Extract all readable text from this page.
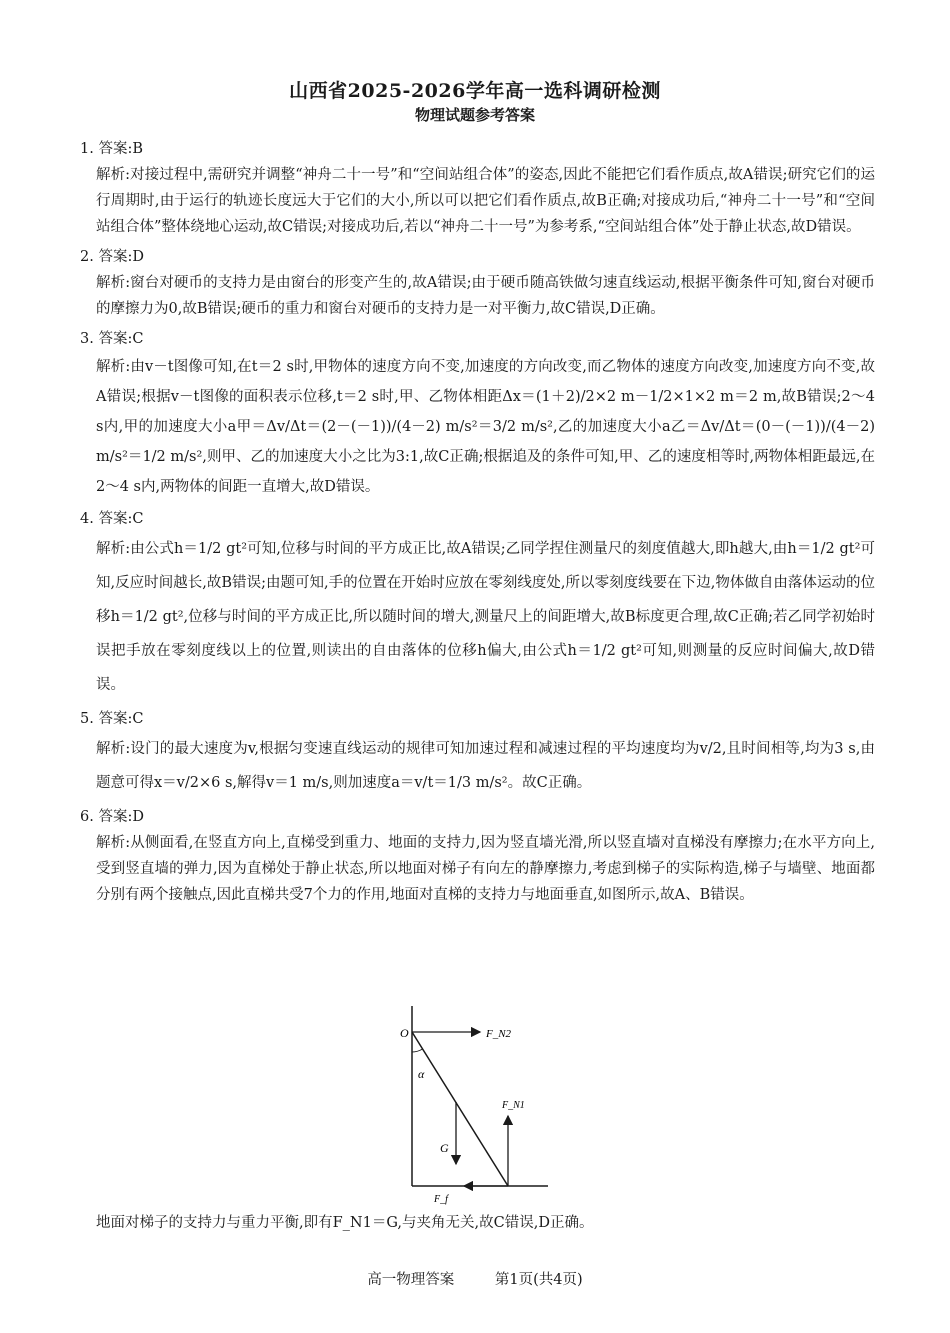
山西省2025-2026学年高一选科调研检测
物理试题参考答案
1. 答案:B
解析:对接过程中,需研究并调整“神舟二十一号”和“空间站组合体”的姿态,因此不能把它们看作质点,故A错误;研究它们的运行周期时,由于运行的轨迹长度远大于它们的大小,所以可以把它们看作质点,故B正确;对接成功后,“神舟二十一号”和“空间站组合体”整体绕地心运动,故C错误;对接成功后,若以“神舟二十一号”为参考系,“空间站组合体”处于静止状态,故D错误。
2. 答案:D
解析:窗台对硬币的支持力是由窗台的形变产生的,故A错误;由于硬币随高铁做匀速直线运动,根据平衡条件可知,窗台对硬币的摩擦力为0,故B错误;硬币的重力和窗台对硬币的支持力是一对平衡力,故C错误,D正确。
3. 答案:C
解析:由v－t图像可知,在t＝2 s时,甲物体的速度方向不变,加速度的方向改变,而乙物体的速度方向改变,加速度方向不变,故A错误;根据v－t图像的面积表示位移,t＝2 s时,甲、乙物体相距Δx＝(1＋2)/2×2 m－1/2×1×2 m＝2 m,故B错误;2～4 s内,甲的加速度大小a甲＝Δv/Δt＝(2－(－1))/(4－2) m/s²＝3/2 m/s²,乙的加速度大小a乙＝Δv/Δt＝(0－(－1))/(4－2) m/s²＝1/2 m/s²,则甲、乙的加速度大小之比为3:1,故C正确;根据追及的条件可知,甲、乙的速度相等时,两物体相距最远,在2～4 s内,两物体的间距一直增大,故D错误。
4. 答案:C
解析:由公式h＝1/2 gt²可知,位移与时间的平方成正比,故A错误;乙同学捏住测量尺的刻度值越大,即h越大,由h＝1/2 gt²可知,反应时间越长,故B错误;由题可知,手的位置在开始时应放在零刻线度处,所以零刻度线要在下边,物体做自由落体运动的位移h＝1/2 gt²,位移与时间的平方成正比,所以随时间的增大,测量尺上的间距增大,故B标度更合理,故C正确;若乙同学初始时误把手放在零刻度线以上的位置,则读出的自由落体的位移h偏大,由公式h＝1/2 gt²可知,则测量的反应时间偏大,故D错误。
5. 答案:C
解析:设门的最大速度为v,根据匀变速直线运动的规律可知加速过程和减速过程的平均速度均为v/2,且时间相等,均为3 s,由题意可得x＝v/2×6 s,解得v＝1 m/s,则加速度a＝v/t＝1/3 m/s²。故C正确。
6. 答案:D
解析:从侧面看,在竖直方向上,直梯受到重力、地面的支持力,因为竖直墙光滑,所以竖直墙对直梯没有摩擦力;在水平方向上,受到竖直墙的弹力,因为直梯处于静止状态,所以地面对梯子有向左的静摩擦力,考虑到梯子的实际构造,梯子与墙壁、地面都分别有两个接触点,因此直梯共受7个力的作用,地面对直梯的支持力与地面垂直,如图所示,故A、B错误。
O	F_N2
α
F_N1
G
F_f
地面对梯子的支持力与重力平衡,即有F_N1＝G,与夹角无关,故C错误,D正确。
高一物理答案	第1页(共4页)
